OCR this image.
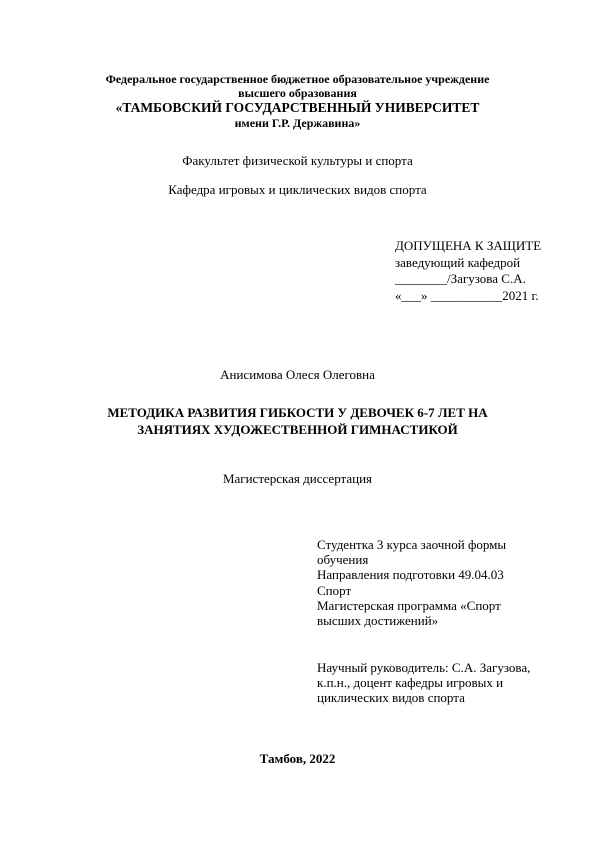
Федеральное государственное бюджетное образовательное учреждение
высшего образования
«ТАМБОВСКИЙ ГОСУДАРСТВЕННЫЙ УНИВЕРСИТЕТ
имени Г.Р. Державина»
Факультет физической культуры и спорта
Кафедра игровых и циклических видов спорта
ДОПУЩЕНА К ЗАЩИТЕ
заведующий кафедрой
________/Загузова С.А.
«___» ___________2021 г.
Анисимова Олеся Олеговна
МЕТОДИКА РАЗВИТИЯ ГИБКОСТИ У ДЕВОЧЕК 6-7 ЛЕТ НА
ЗАНЯТИЯХ ХУДОЖЕСТВЕННОЙ ГИМНАСТИКОЙ
Магистерская диссертация
Студентка 3 курса заочной формы
обучения
Направления подготовки 49.04.03
Спорт
Магистерская программа «Спорт
высших достижений»
Научный руководитель: С.А. Загузова,
к.п.н., доцент кафедры игровых и
циклических видов спорта
Тамбов, 2022
